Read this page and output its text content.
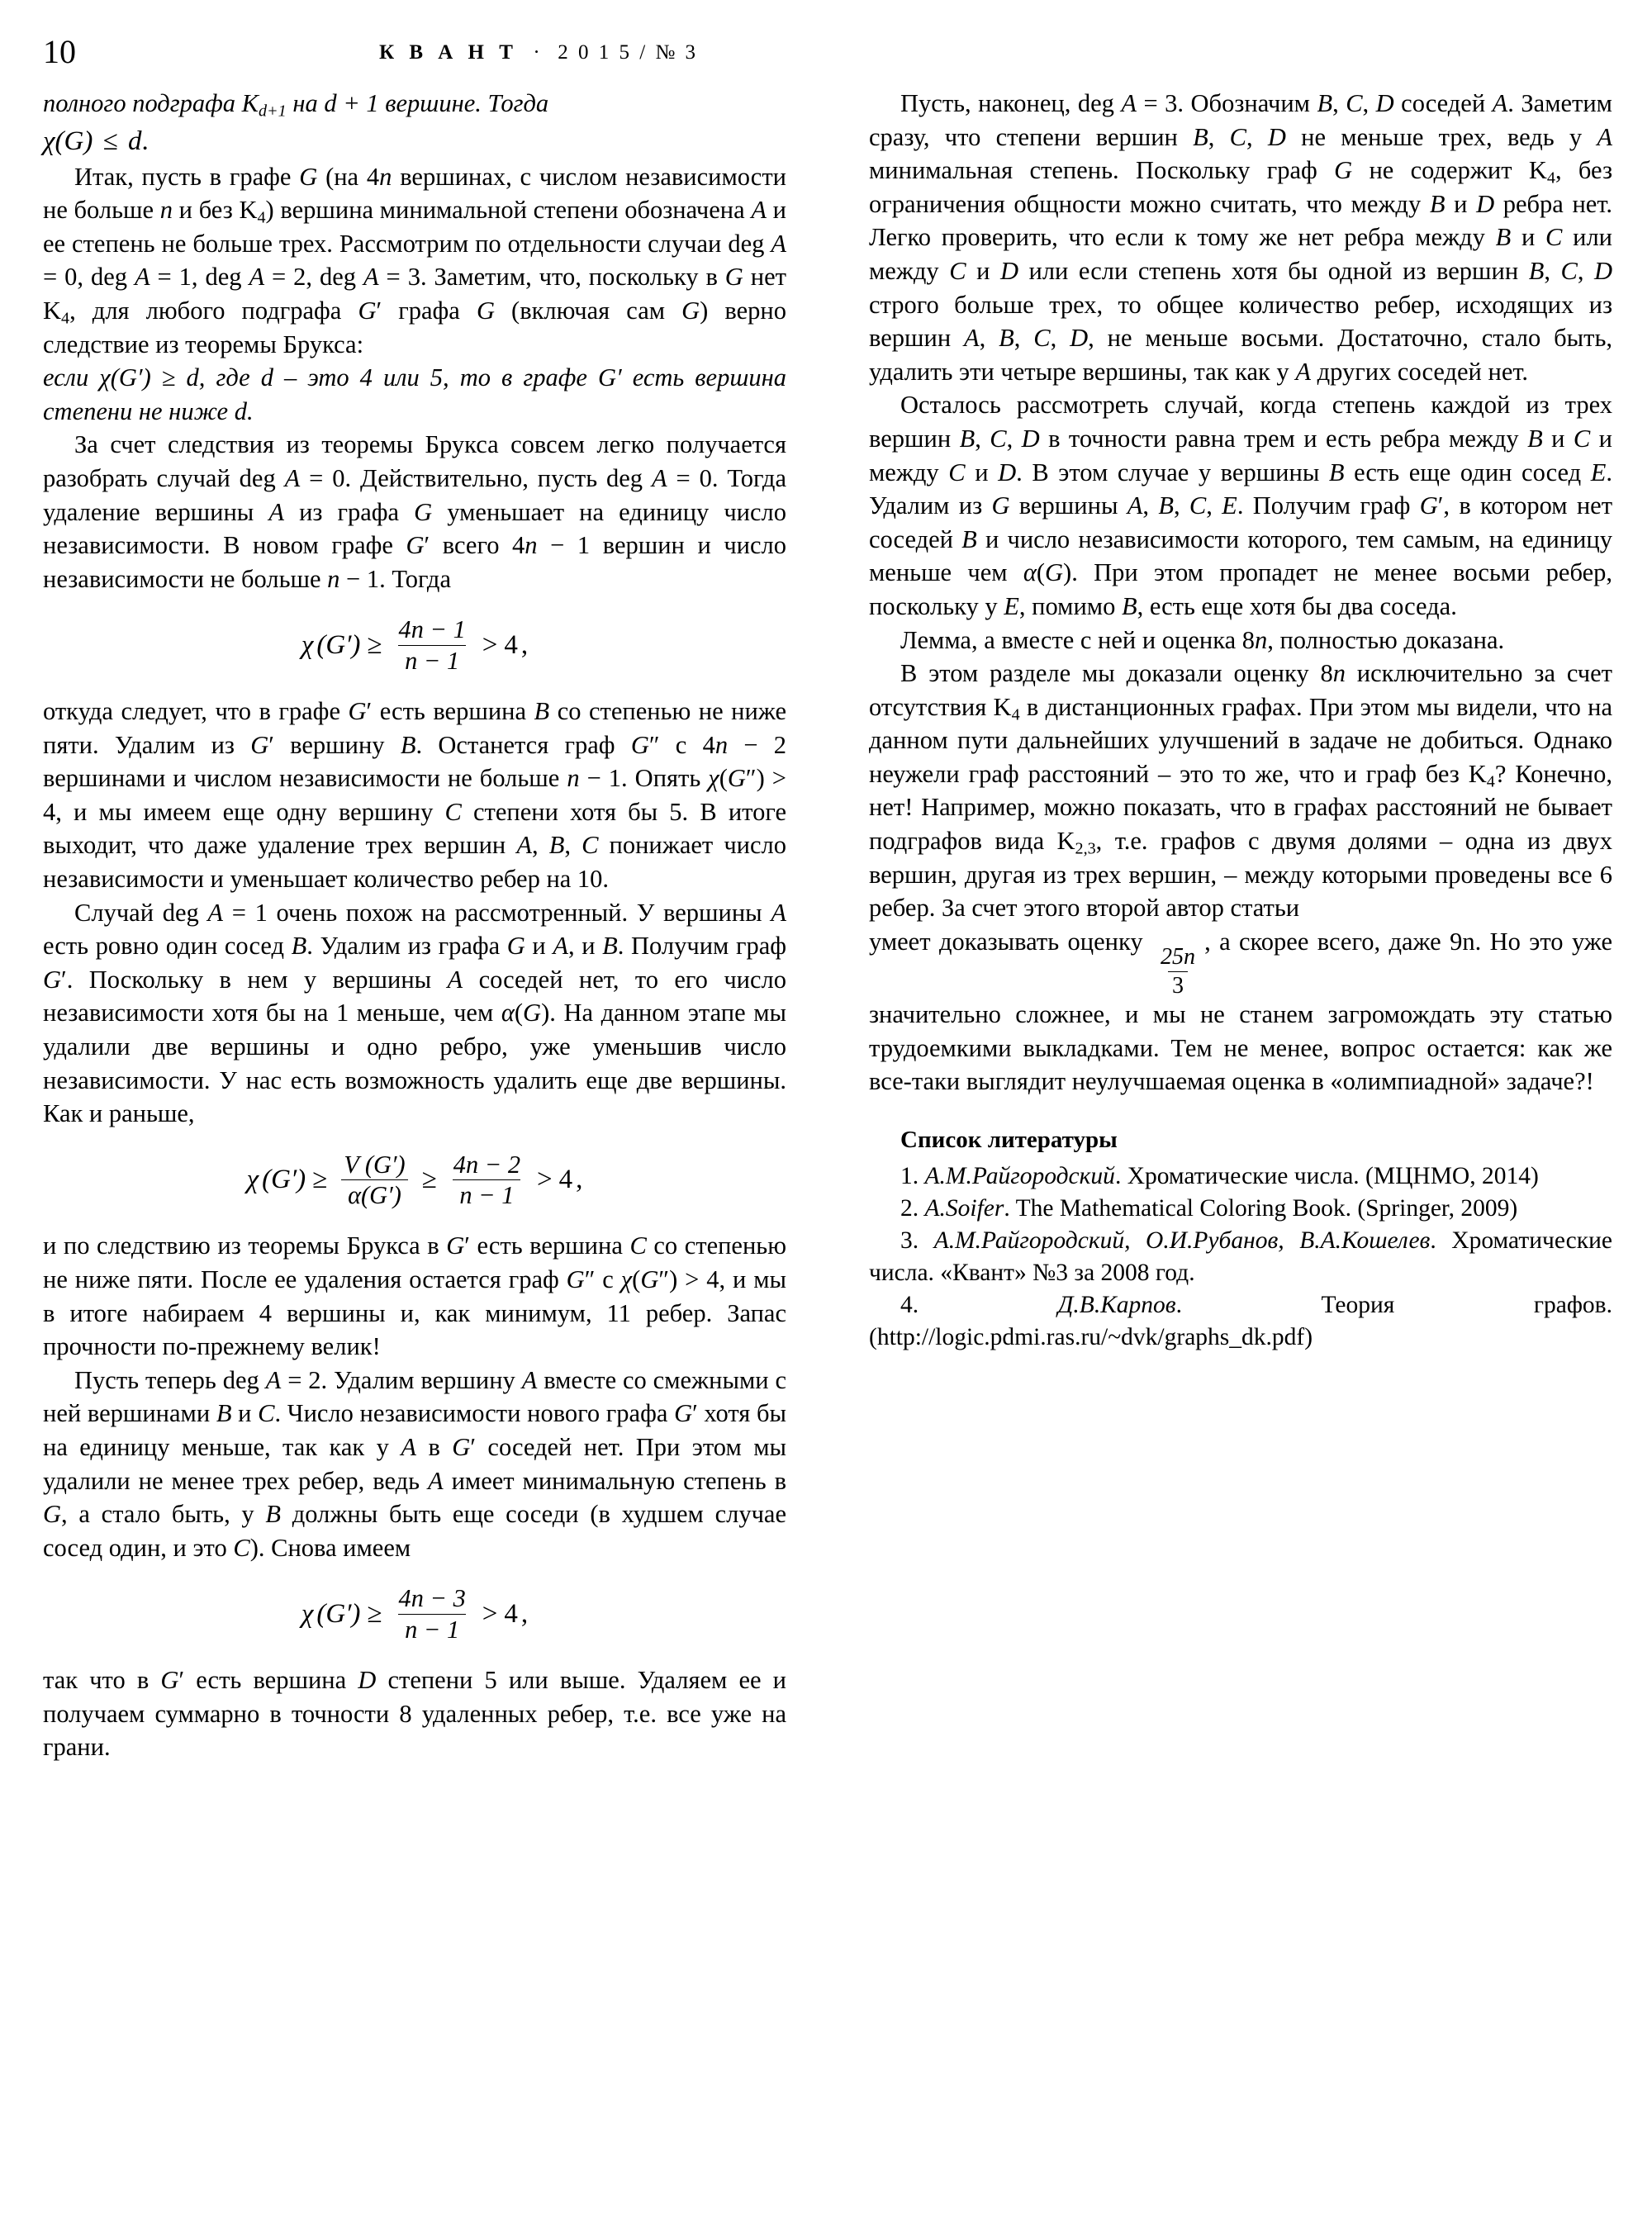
10	К В А Н Т · 2 0 1 5 / № 3

полного подграфа $K_{d+1}$ на d + 1 вершине. Тогда

χ(G) ≤ d.

Итак, пусть в графе G (на 4n вершинах, с числом независимости не больше n и без $K_4$) вершина минимальной степени обозначена A и ее степень не больше трех. Рассмотрим по отдельности случаи deg A = 0, deg A = 1, deg A = 2, deg A = 3. Заметим, что, поскольку в G нет $K_4$, для любого подграфа G′ графа G (включая сам G) верно следствие из теоремы Брукса:

если χ(G′) ≥ d, где d – это 4 или 5, то в графе G′ есть вершина степени не ниже d.

За счет следствия из теоремы Брукса совсем легко получается разобрать случай deg A = 0. Действительно, пусть deg A = 0. Тогда удаление вершины A из графа G уменьшает на единицу число независимости. В новом графе G′ всего 4n − 1 вершин и число независимости не больше n − 1. Тогда

χ $(G') \ge \frac{4n - 1}{n - 1} > 4$ ,

откуда следует, что в графе G′ есть вершина B со степенью не ниже пяти. Удалим из G′ вершину B. Останется граф G″ с 4n − 2 вершинами и числом независимости не больше n − 1. Опять χ(G″) > 4, и мы имеем еще одну вершину C степени хотя бы 5. В итоге выходит, что даже удаление трех вершин A, B, C понижает число независимости и уменьшает количество ребер на 10.

Случай deg A = 1 очень похож на рассмотренный. У вершины A есть ровно один сосед B. Удалим из графа G и A, и B. Получим граф G′. Поскольку в нем у вершины A соседей нет, то его число независимости хотя бы на 1 меньше, чем α(G). На данном этапе мы удалили две вершины и одно ребро, уже уменьшив число независимости. У нас есть возможность удалить еще две вершины. Как и раньше,

χ $(G') \ge \frac{V (G')}{\alpha(G')} \ge \frac{4n - 2}{n - 1} > 4$ ,

и по следствию из теоремы Брукса в G′ есть вершина C со степенью не ниже пяти. После ее удаления остается граф G″ с χ(G″) > 4, и мы в итоге набираем 4 вершины и, как минимум, 11 ребер. Запас прочности по-прежнему велик!

Пусть теперь deg A = 2. Удалим вершину A вместе со смежными с ней вершинами B и C. Число независимости нового графа G′ хотя бы на единицу меньше, так как у A в G′ соседей нет. При этом мы удалили не менее трех ребер, ведь A имеет минимальную степень в G, а стало быть, у B должны быть еще соседи (в худшем случае сосед один, и это C). Снова имеем

χ $(G') \ge \frac{4n - 3}{n - 1} > 4$ ,

так что в G′ есть вершина D степени 5 или выше. Удаляем ее и получаем суммарно в точности 8 удаленных ребер, т.е. все уже на грани.

Пусть, наконец, deg A = 3. Обозначим B, C, D соседей A. Заметим сразу, что степени вершин B, C, D не меньше трех, ведь у A минимальная степень. Поскольку граф G не содержит $K_4$, без ограничения общности можно считать, что между B и D ребра нет. Легко проверить, что если к тому же нет ребра между B и C или между C и D или если степень хотя бы одной из вершин B, C, D строго больше трех, то общее количество ребер, исходящих из вершин A, B, C, D, не меньше восьми. Достаточно, стало быть, удалить эти четыре вершины, так как у A других соседей нет.

Осталось рассмотреть случай, когда степень каждой из трех вершин B, C, D в точности равна трем и есть ребра между B и C и между C и D. В этом случае у вершины B есть еще один сосед E. Удалим из G вершины A, B, C, E. Получим граф G′, в котором нет соседей B и число независимости которого, тем самым, на единицу меньше чем α(G). При этом пропадет не менее восьми ребер, поскольку у E, помимо B, есть еще хотя бы два соседа.

Лемма, а вместе с ней и оценка 8n, полностью доказана.

В этом разделе мы доказали оценку 8n исключительно за счет отсутствия $K_4$ в дистанционных графах. При этом мы видели, что на данном пути дальнейших улучшений в задаче не добиться. Однако неужели граф расстояний – это то же, что и граф без $K_4$? Конечно, нет! Например, можно показать, что в графах расстояний не бывает подграфов вида $K_{2,3}$, т.е. графов с двумя долями – одна из двух вершин, другая из трех вершин, – между которыми проведены все 6 ребер. За счет этого второй автор статьи

умеет доказывать оценку
$\frac{25n}{3}$
, а скорее всего, даже 9n. Но это уже значительно сложнее, и мы не станем загромождать эту статью трудоемкими выкладками. Тем не менее, вопрос остается: как же все-таки выглядит неулучшаемая оценка в «олимпиадной» задаче?!

Список литературы

1. А.М.Райгородский. Хроматические числа. (МЦНМО, 2014)

2. A.Soifer. The Mathematical Coloring Book. (Springer, 2009)

3. А.М.Райгородский, О.И.Рубанов, В.А.Кошелев. Хроматические числа. «Квант» №3 за 2008 год.

4.	Д.В.Карпов. Теория графов. (http://logic.pdmi.ras.ru/~dvk/graphs_dk.pdf)
